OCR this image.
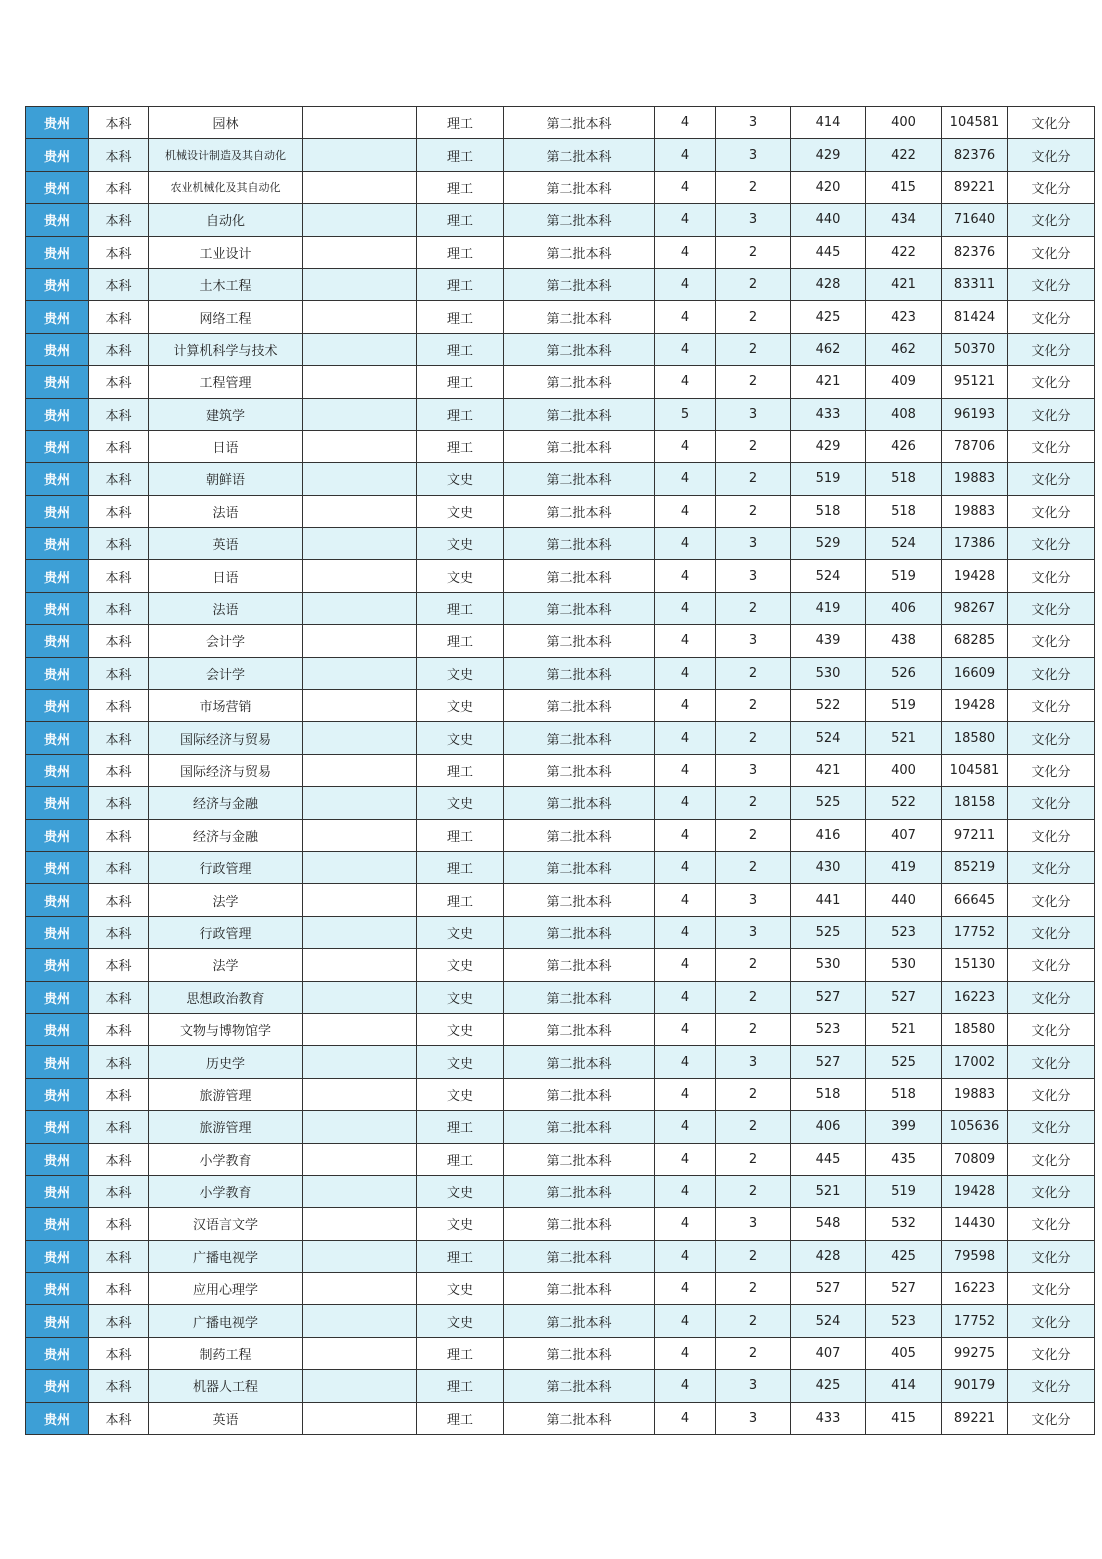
贵州	本科	园林		理工	第二批本科	4	3	414	400	104581	文化分
贵州	本科	机械设计制造及其自动化		理工	第二批本科	4	3	429	422	82376	文化分
贵州	本科	农业机械化及其自动化		理工	第二批本科	4	2	420	415	89221	文化分
贵州	本科	自动化		理工	第二批本科	4	3	440	434	71640	文化分
贵州	本科	工业设计		理工	第二批本科	4	2	445	422	82376	文化分
贵州	本科	土木工程		理工	第二批本科	4	2	428	421	83311	文化分
贵州	本科	网络工程		理工	第二批本科	4	2	425	423	81424	文化分
贵州	本科	计算机科学与技术		理工	第二批本科	4	2	462	462	50370	文化分
贵州	本科	工程管理		理工	第二批本科	4	2	421	409	95121	文化分
贵州	本科	建筑学		理工	第二批本科	5	3	433	408	96193	文化分
贵州	本科	日语		理工	第二批本科	4	2	429	426	78706	文化分
贵州	本科	朝鲜语		文史	第二批本科	4	2	519	518	19883	文化分
贵州	本科	法语		文史	第二批本科	4	2	518	518	19883	文化分
贵州	本科	英语		文史	第二批本科	4	3	529	524	17386	文化分
贵州	本科	日语		文史	第二批本科	4	3	524	519	19428	文化分
贵州	本科	法语		理工	第二批本科	4	2	419	406	98267	文化分
贵州	本科	会计学		理工	第二批本科	4	3	439	438	68285	文化分
贵州	本科	会计学		文史	第二批本科	4	2	530	526	16609	文化分
贵州	本科	市场营销		文史	第二批本科	4	2	522	519	19428	文化分
贵州	本科	国际经济与贸易		文史	第二批本科	4	2	524	521	18580	文化分
贵州	本科	国际经济与贸易		理工	第二批本科	4	3	421	400	104581	文化分
贵州	本科	经济与金融		文史	第二批本科	4	2	525	522	18158	文化分
贵州	本科	经济与金融		理工	第二批本科	4	2	416	407	97211	文化分
贵州	本科	行政管理		理工	第二批本科	4	2	430	419	85219	文化分
贵州	本科	法学		理工	第二批本科	4	3	441	440	66645	文化分
贵州	本科	行政管理		文史	第二批本科	4	3	525	523	17752	文化分
贵州	本科	法学		文史	第二批本科	4	2	530	530	15130	文化分
贵州	本科	思想政治教育		文史	第二批本科	4	2	527	527	16223	文化分
贵州	本科	文物与博物馆学		文史	第二批本科	4	2	523	521	18580	文化分
贵州	本科	历史学		文史	第二批本科	4	3	527	525	17002	文化分
贵州	本科	旅游管理		文史	第二批本科	4	2	518	518	19883	文化分
贵州	本科	旅游管理		理工	第二批本科	4	2	406	399	105636	文化分
贵州	本科	小学教育		理工	第二批本科	4	2	445	435	70809	文化分
贵州	本科	小学教育		文史	第二批本科	4	2	521	519	19428	文化分
贵州	本科	汉语言文学		文史	第二批本科	4	3	548	532	14430	文化分
贵州	本科	广播电视学		理工	第二批本科	4	2	428	425	79598	文化分
贵州	本科	应用心理学		文史	第二批本科	4	2	527	527	16223	文化分
贵州	本科	广播电视学		文史	第二批本科	4	2	524	523	17752	文化分
贵州	本科	制药工程		理工	第二批本科	4	2	407	405	99275	文化分
贵州	本科	机器人工程		理工	第二批本科	4	3	425	414	90179	文化分
贵州	本科	英语		理工	第二批本科	4	3	433	415	89221	文化分
